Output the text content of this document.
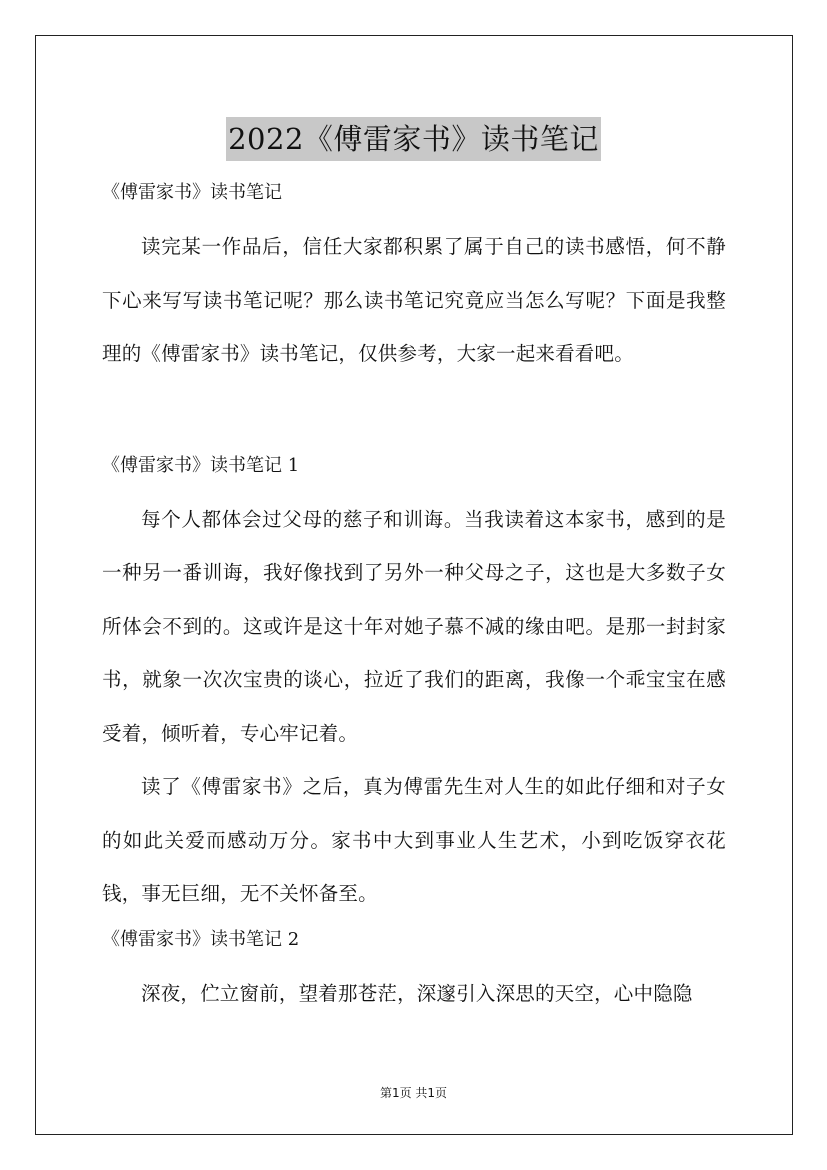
2022《傅雷家书》读书笔记

《傅雷家书》读书笔记

读完某一作品后，信任大家都积累了属于自己的读书感悟，何不静下心来写写读书笔记呢？那么读书笔记究竟应当怎么写呢？下面是我整理的《傅雷家书》读书笔记，仅供参考，大家一起来看看吧。

《傅雷家书》读书笔记 1

每个人都体会过父母的慈子和训诲。当我读着这本家书，感到的是一种另一番训诲，我好像找到了另外一种父母之子，这也是大多数子女所体会不到的。这或许是这十年对她子慕不减的缘由吧。是那一封封家书，就象一次次宝贵的谈心，拉近了我们的距离，我像一个乖宝宝在感受着，倾听着，专心牢记着。

读了《傅雷家书》之后，真为傅雷先生对人生的如此仔细和对子女的如此关爱而感动万分。家书中大到事业人生艺术，小到吃饭穿衣花钱，事无巨细，无不关怀备至。

《傅雷家书》读书笔记 2

深夜，伫立窗前，望着那苍茫，深邃引入深思的天空，心中隐隐

第1页 共1页
